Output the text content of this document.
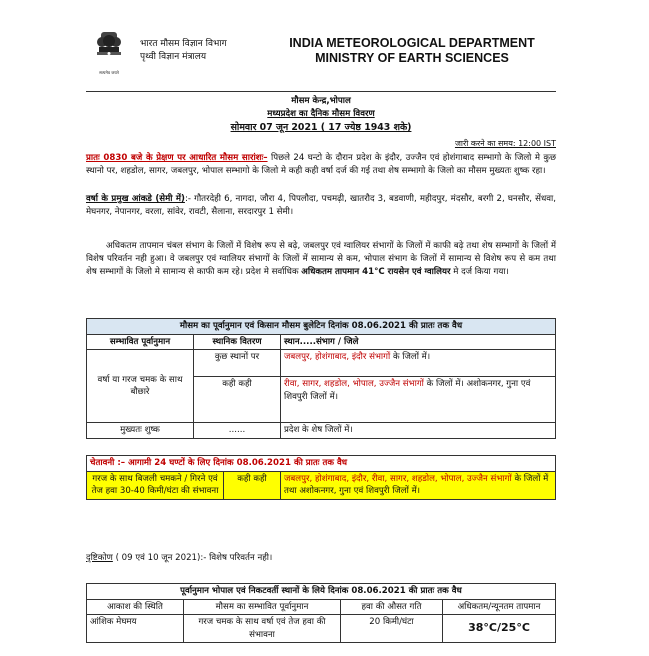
सत्यमेव जयते
भारत मौसम विज्ञान विभाग
पृथ्वी विज्ञान मंत्रालय
INDIA METEOROLOGICAL DEPARTMENT
MINISTRY OF EARTH SCIENCES
मौसम केन्द्र,भोपाल
मध्यप्रदेश का दैनिक मौसम विवरण
सोमवार 07 जून 2021 ( 17 ज्येष्ठ 1943 शके)
जारी करने का समय: 12:00 IST
प्रातः 0830 बजे के प्रेक्षण पर आधारित मौसम सारांशः– पिछले 24 घन्टो के दौरान प्रदेश के इंदौर, उज्जैन एवं होशंगाबाद सम्भागो के जिलो मे कुछ स्थानो पर, शहडोल, सागर, जबलपुर, भोपाल सम्भागो के जिलो मे कही कही वर्षा दर्ज की गई तथा शेष सम्भागो के जिलो का मौसम मुख्यतः शुष्क रहा।
वर्षा के प्रमुख आंकडे (सेमी में):- गौतरदेही 6, नागदा, जौरा 4, पिपलौदा, पचमढ़ी, खातरौद 3, बडवाणी, महीदपुर, मंदसौर, बरगी 2, घनसौर, सेंधवा, मेघनगर, नेपानगर, वरला, सांवेर, रावटी, सैलाना, सरदारपुर 1 सेमी।
अधिकतम तापमान चंबल संभाग के जिलों में विशेष रूप से बढ़े, जबलपुर एवं ग्वालियर संभागों के जिलों में काफी बढ़े तथा शेष सम्भागों के जिलों में विशेष परिवर्तन नही हुआ। वे जबलपुर एवं ग्वालियर संभागों के जिलों में सामान्य से कम, भोपाल संभाग के जिलों में सामान्य से विशेष रूप से कम तथा शेष सम्भागों के जिलो मे सामान्य से काफी कम रहे। प्रदेश मे सर्वाधिक अधिकतम तापमान 41°C रायसेन एवं ग्वालियर मे दर्ज किया गया।
मौसम का पूर्वानुमान एवं किसान मौसम बुलेटिन दिनांक 08.06.2021 की प्रातः तक वैध		
सम्भावित पूर्वानुमान	स्थानिक वितरण	स्थान.....संभाग / जिले
वर्षा या गरज चमक के साथ बौछारे	कुछ स्थानों पर	जबलपुर, होशंगाबाद, इंदौर संभागों के जिलों में।
	कही कही	रीवा, सागर, शहडोल, भोपाल, उज्जैन संभागों के जिलों में। अशोकनगर, गुना एवं शिवपुरी जिलों में।
मुख्यतः शुष्क	......	प्रदेश के शेष जिलों में।
चेतावनी :– आगामी 24 घण्टों के लिए दिनांक 08.06.2021 की प्रातः तक वैध
गरज के साथ बिजली चमकने / गिरने एवं तेज हवा 30-40 किमी/घंटा की संभावना	कही कही	जबलपुर, होशंगाबाद, इंदौर, रीवा, सागर, शहडोल, भोपाल, उज्जैन संभागों के जिलों में तथा अशोकनगर, गुना एवं शिवपुरी जिलों में।
दृष्टिकोण ( 09 एवं 10 जून 2021):- विशेष परिवर्तन नही।
पूर्वानुमान भोपाल एवं निकटवर्ती स्थानों के लिये दिनांक 08.06.2021 की प्रातः तक वैध			
आकाश की स्थिति	मौसम का सम्भावित पूर्वानुमान	हवा की औसत गति	अधिकतम/न्यूनतम तापमान
आंशिक मेघमय	गरज चमक के साथ वर्षा एवं तेज हवा की संभावना	20 किमी/घंटा	38°C/25°C
